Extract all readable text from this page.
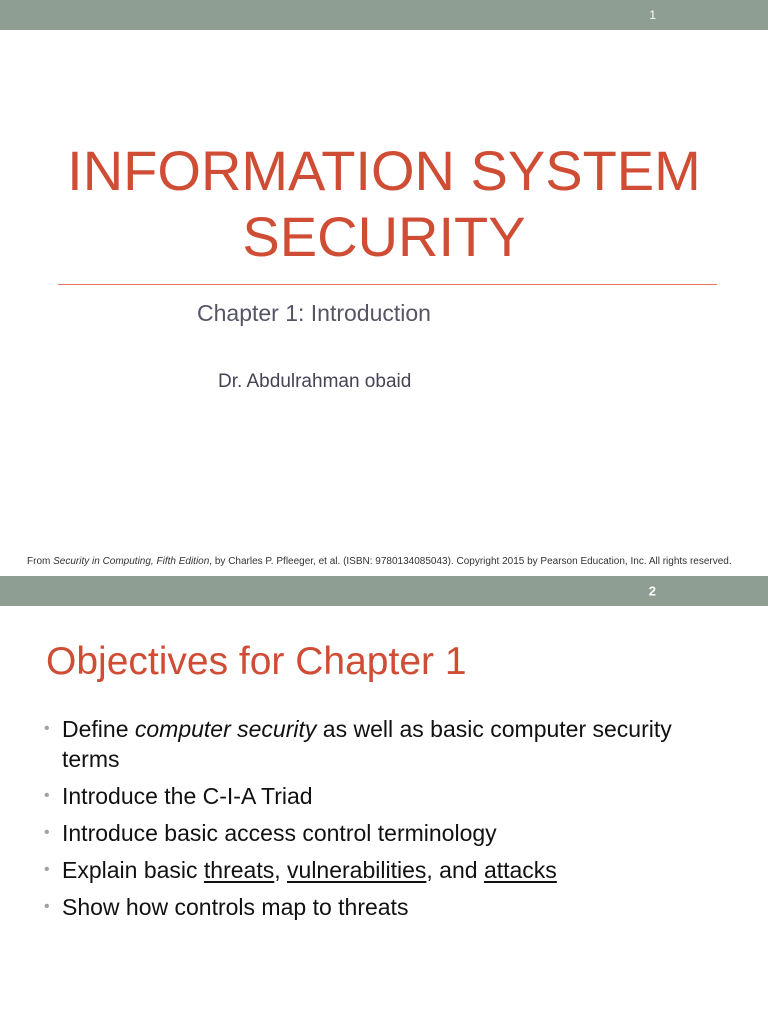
1
INFORMATION SYSTEM
SECURITY
Chapter 1: Introduction
Dr. Abdulrahman obaid
From Security in Computing, Fifth Edition, by Charles P. Pfleeger, et al. (ISBN: 9780134085043). Copyright 2015 by Pearson Education, Inc. All rights reserved.
2
Objectives for Chapter 1
• Define computer security as well as basic computer security terms
• Introduce the C-I-A Triad
• Introduce basic access control terminology
• Explain basic threats, vulnerabilities, and attacks
• Show how controls map to threats
